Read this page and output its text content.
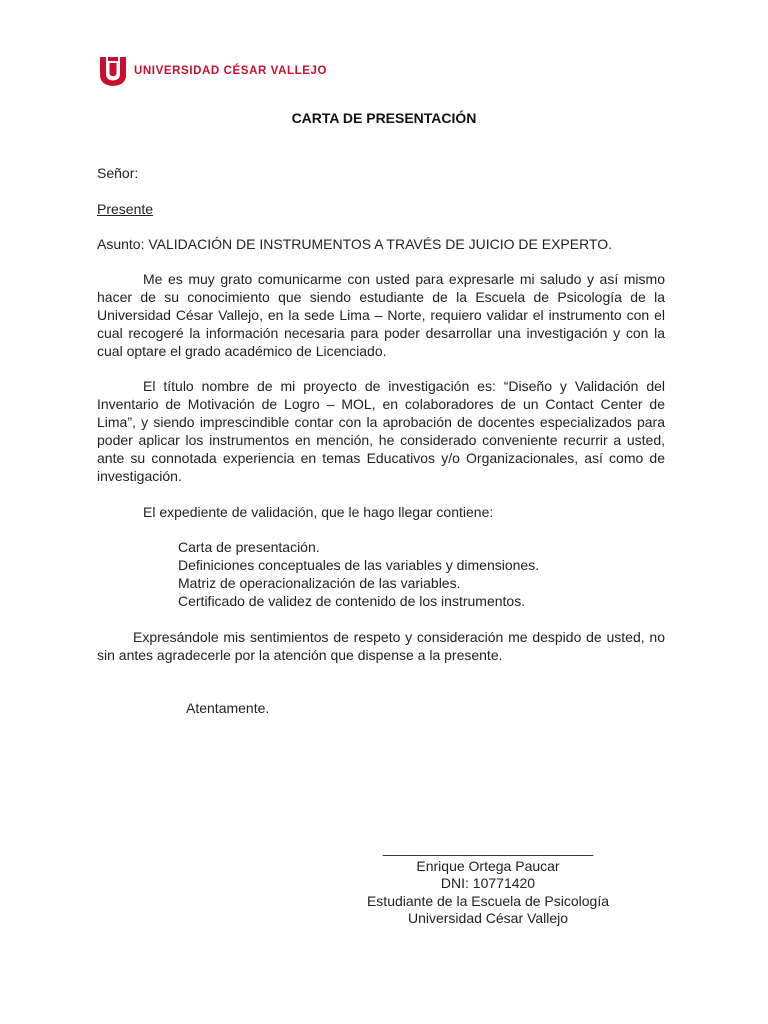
UNIVERSIDAD CÉSAR VALLEJO
CARTA DE PRESENTACIÓN
Señor:
Presente
Asunto: VALIDACIÓN DE INSTRUMENTOS A TRAVÉS DE JUICIO DE EXPERTO.
Me es muy grato comunicarme con usted para expresarle mi saludo y así mismo hacer de su conocimiento que siendo estudiante de la Escuela de Psicología de la Universidad César Vallejo, en la sede Lima – Norte, requiero validar el instrumento con el cual recogeré la información necesaria para poder desarrollar una investigación y con la cual optare el grado académico de Licenciado.
El título nombre de mi proyecto de investigación es: “Diseño y Validación del Inventario de Motivación de Logro – MOL, en colaboradores de un Contact Center de Lima”, y siendo imprescindible contar con la aprobación de docentes especializados para poder aplicar los instrumentos en mención, he considerado conveniente recurrir a usted, ante su connotada experiencia en temas Educativos y/o Organizacionales, así como de investigación.
El expediente de validación, que le hago llegar contiene:
Carta de presentación.
Definiciones conceptuales de las variables y dimensiones.
Matriz de operacionalización de las variables.
Certificado de validez de contenido de los instrumentos.
Expresándole mis sentimientos de respeto y consideración me despido de usted, no sin antes agradecerle por la atención que dispense a la presente.
Atentamente.
___________________________
Enrique Ortega Paucar
DNI: 10771420
Estudiante de la Escuela de Psicología
Universidad César Vallejo
